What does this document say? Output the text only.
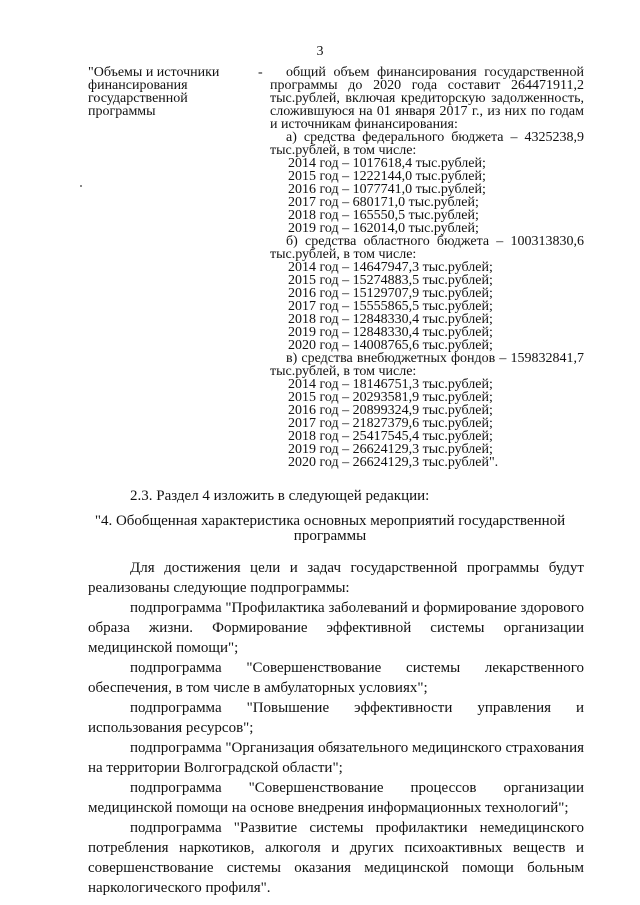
3
"Объемы и источники финансирования государственной программы
-	общий объем финансирования государственной программы до 2020 года составит 264471911,2 тыс.рублей, включая кредиторскую задолженность, сложившуюся на 01 января 2017 г., из них по годам и источникам финансирования:

а) средства федерального бюджета – 4325238,9 тыс.рублей, в том числе:

2014 год – 1017618,4 тыс.рублей;

2015 год – 1222144,0 тыс.рублей;

2016 год – 1077741,0 тыс.рублей;

2017 год – 680171,0 тыс.рублей;

2018 год – 165550,5 тыс.рублей;

2019 год – 162014,0 тыс.рублей;

б) средства областного бюджета – 100313830,6 тыс.рублей, в том числе:

2014 год – 14647947,3 тыс.рублей;

2015 год – 15274883,5 тыс.рублей;

2016 год – 15129707,9 тыс.рублей;

2017 год – 15555865,5 тыс.рублей;

2018 год – 12848330,4 тыс.рублей;

2019 год – 12848330,4 тыс.рублей;

2020 год – 14008765,6 тыс.рублей;

в) средства внебюджетных фондов – 159832841,7 тыс.рублей, в том числе:

2014 год – 18146751,3 тыс.рублей;

2015 год – 20293581,9 тыс.рублей;

2016 год – 20899324,9 тыс.рублей;

2017 год – 21827379,6 тыс.рублей;

2018 год – 25417545,4 тыс.рублей;

2019 год – 26624129,3 тыс.рублей;

2020 год – 26624129,3 тыс.рублей".

2.3. Раздел 4 изложить в следующей редакции:
"4. Обобщенная характеристика основных мероприятий государственной программы

Для достижения цели и задач государственной программы будут реализованы следующие подпрограммы:

подпрограмма "Профилактика заболеваний и формирование здорового образа жизни. Формирование эффективной системы организации медицинской помощи";

подпрограмма "Совершенствование системы лекарственного обеспечения, в том числе в амбулаторных условиях";

подпрограмма "Повышение эффективности управления и использования ресурсов";

подпрограмма "Организация обязательного медицинского страхования на территории Волгоградской области";

подпрограмма "Совершенствование процессов организации медицинской помощи на основе внедрения информационных технологий";

подпрограмма "Развитие системы профилактики немедицинского потребления наркотиков, алкоголя и других психоактивных веществ и совершенствование системы оказания медицинской помощи больным наркологического профиля".
